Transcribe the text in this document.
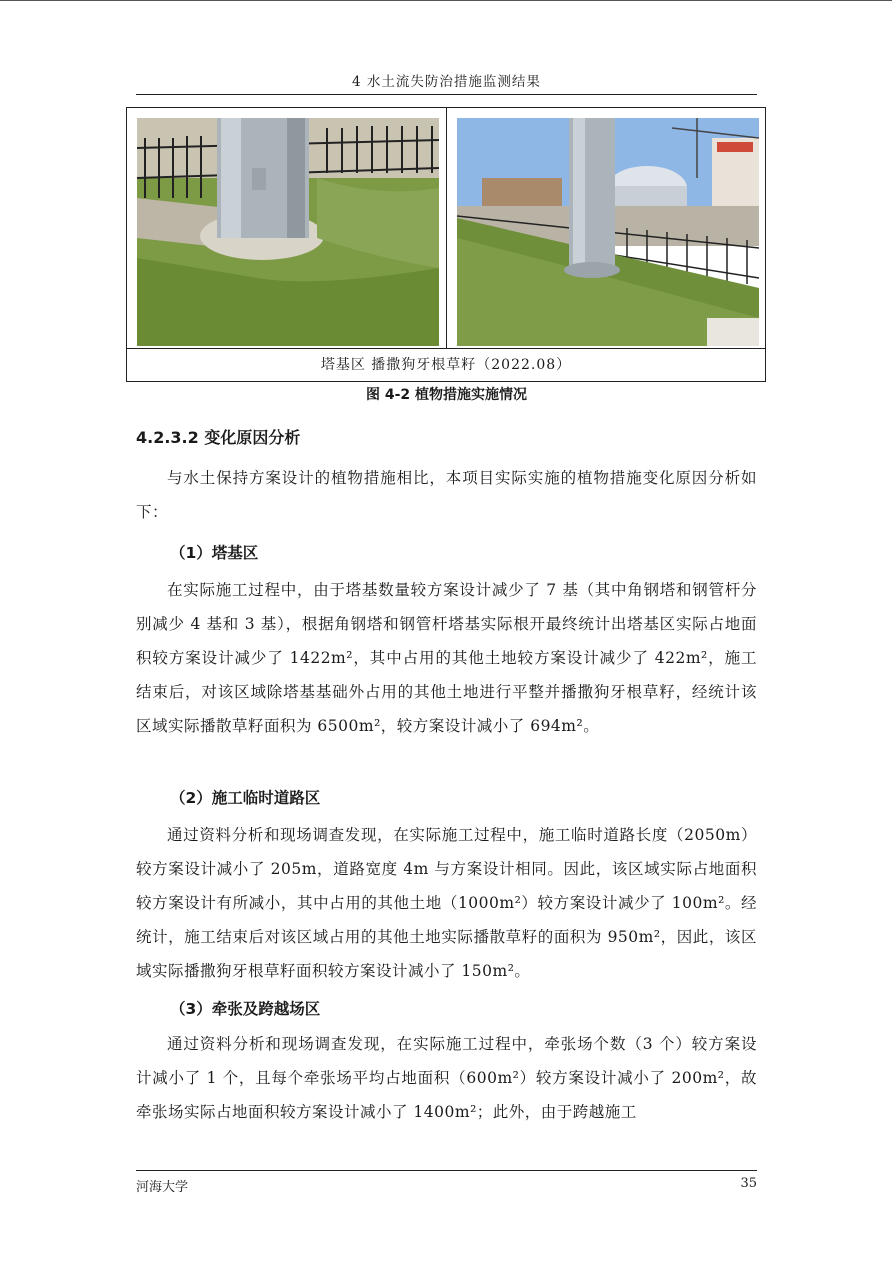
4 水土流失防治措施监测结果
塔基区 播撒狗牙根草籽（2022.08）
图 4-2 植物措施实施情况
4.2.3.2 变化原因分析
与水土保持方案设计的植物措施相比，本项目实际实施的植物措施变化原因分析如下：
（1）塔基区
在实际施工过程中，由于塔基数量较方案设计减少了 7 基（其中角钢塔和钢管杆分别减少 4 基和 3 基），根据角钢塔和钢管杆塔基实际根开最终统计出塔基区实际占地面积较方案设计减少了 1422m²，其中占用的其他土地较方案设计减少了 422m²，施工结束后，对该区域除塔基基础外占用的其他土地进行平整并播撒狗牙根草籽，经统计该区域实际播散草籽面积为 6500m²，较方案设计减小了 694m²。
（2）施工临时道路区
通过资料分析和现场调查发现，在实际施工过程中，施工临时道路长度（2050m）较方案设计减小了 205m，道路宽度 4m 与方案设计相同。因此，该区域实际占地面积较方案设计有所减小，其中占用的其他土地（1000m²）较方案设计减少了 100m²。经统计，施工结束后对该区域占用的其他土地实际播散草籽的面积为 950m²，因此，该区域实际播撒狗牙根草籽面积较方案设计减小了 150m²。
（3）牵张及跨越场区
通过资料分析和现场调查发现，在实际施工过程中，牵张场个数（3 个）较方案设计减小了 1 个，且每个牵张场平均占地面积（600m²）较方案设计减小了 200m²，故牵张场实际占地面积较方案设计减小了 1400m²；此外，由于跨越施工
河海大学	35
